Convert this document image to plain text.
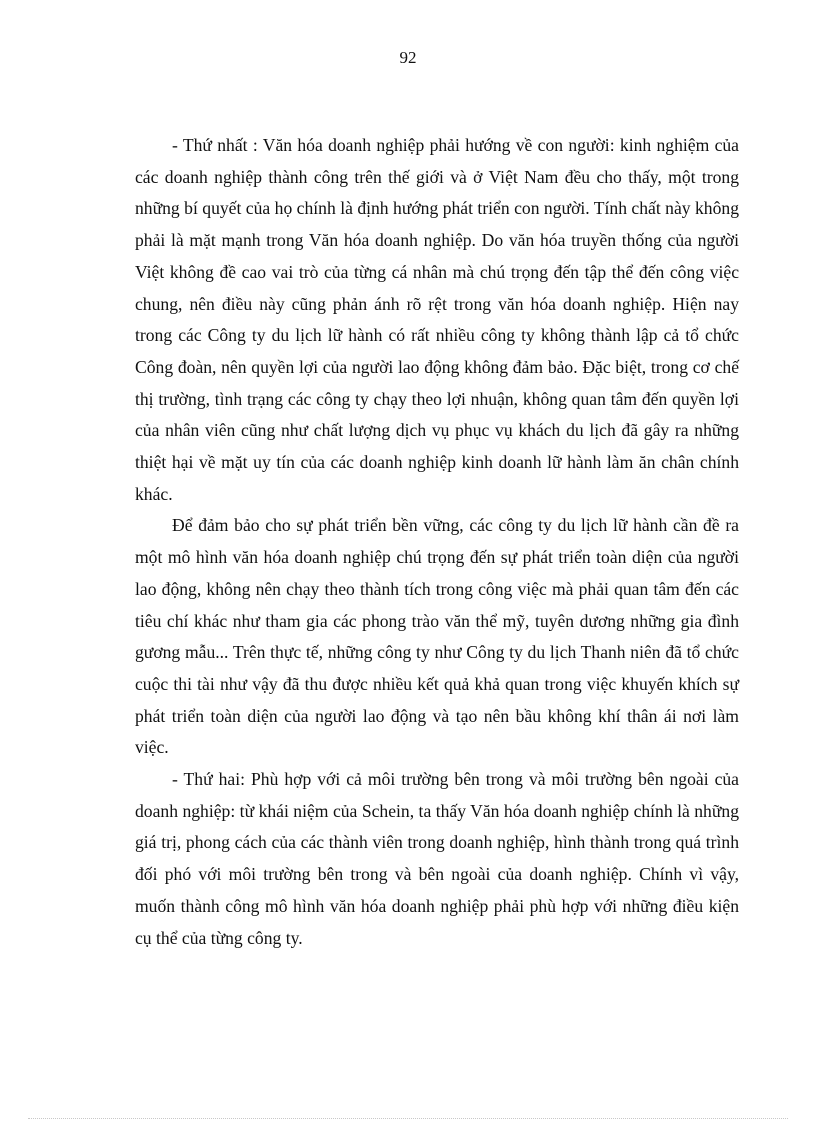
92

- Thứ nhất : Văn hóa doanh nghiệp phải hướng về con người: kinh nghiệm của các doanh nghiệp thành công trên thế giới và ở Việt Nam đều cho thấy, một trong những bí quyết của họ chính là định hướng phát triển con người. Tính chất này không phải là mặt mạnh trong Văn hóa doanh nghiệp. Do văn hóa truyền thống của người Việt không đề cao vai trò của từng cá nhân mà chú trọng đến tập thể đến công việc chung, nên điều này cũng phản ánh rõ rệt trong văn hóa doanh nghiệp. Hiện nay trong các Công ty du lịch lữ hành có rất nhiều công ty không thành lập cả tổ chức Công đoàn, nên quyền lợi của người lao động không đảm bảo. Đặc biệt, trong cơ chế thị trường, tình trạng các công ty chạy theo lợi nhuận, không quan tâm đến quyền lợi của nhân viên cũng như chất lượng dịch vụ phục vụ khách du lịch đã gây ra những thiệt hại về mặt uy tín của các doanh nghiệp kinh doanh lữ hành làm ăn chân chính khác.

Để đảm bảo cho sự phát triển bền vững, các công ty du lịch lữ hành cần đề ra một mô hình văn hóa doanh nghiệp chú trọng đến sự phát triển toàn diện của người lao động, không nên chạy theo thành tích trong công việc mà phải quan tâm đến các tiêu chí khác như tham gia các phong trào văn thể mỹ, tuyên dương những gia đình gương mẫu... Trên thực tế, những công ty như Công ty du lịch Thanh niên đã tổ chức cuộc thi tài như vậy đã thu được nhiều kết quả khả quan trong việc khuyến khích sự phát triển toàn diện của người lao động và tạo nên bầu không khí thân ái nơi làm việc.

- Thứ hai: Phù hợp với cả môi trường bên trong và môi trường bên ngoài của doanh nghiệp: từ khái niệm của Schein, ta thấy Văn hóa doanh nghiệp chính là những giá trị, phong cách của các thành viên trong doanh nghiệp, hình thành trong quá trình đối phó với môi trường bên trong và bên ngoài của doanh nghiệp. Chính vì vậy, muốn thành công mô hình văn hóa doanh nghiệp phải phù hợp với những điều kiện cụ thể của từng công ty.
